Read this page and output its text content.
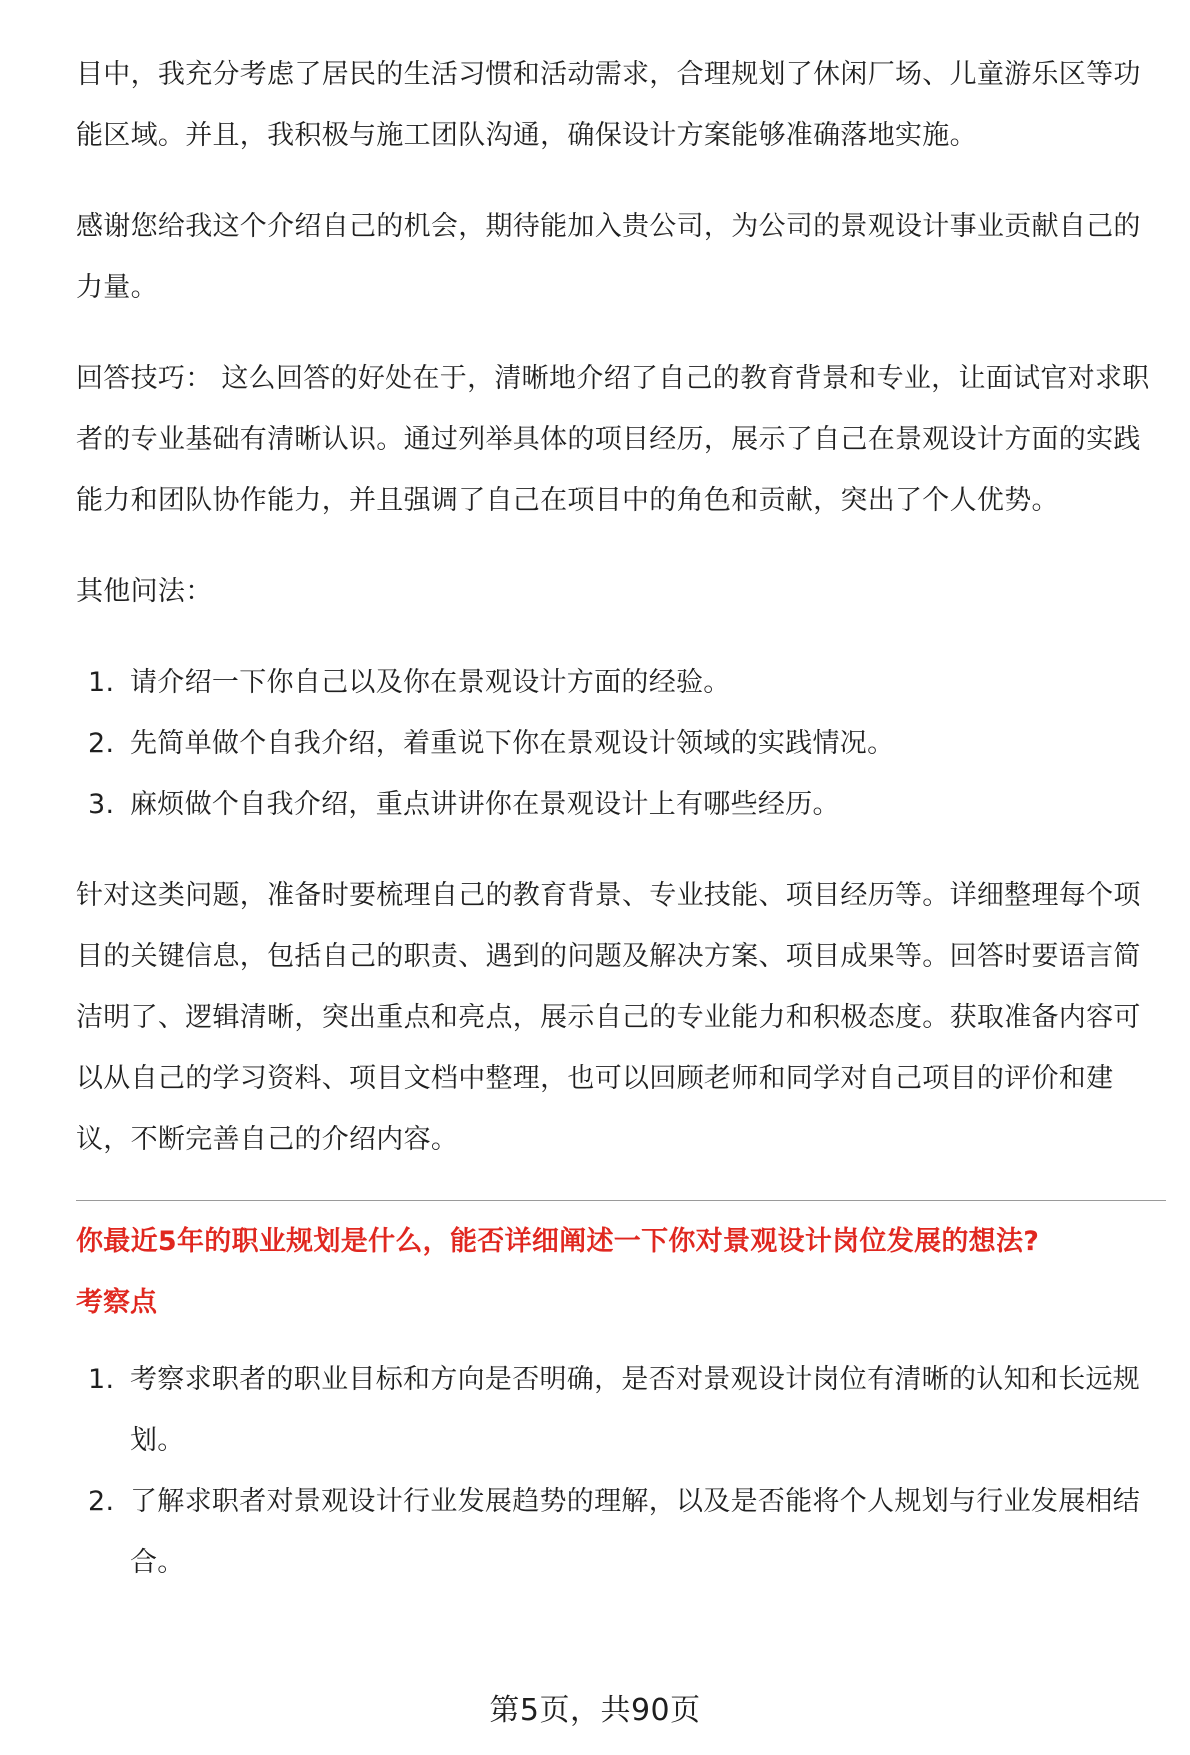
目中，我充分考虑了居民的生活习惯和活动需求，合理规划了休闲厂场、儿童游乐区等功能区域。并且，我积极与施工团队沟通，确保设计方案能够准确落地实施。

感谢您给我这个介绍自己的机会，期待能加入贵公司，为公司的景观设计事业贡献自己的力量。

回答技巧： 这么回答的好处在于，清晰地介绍了自己的教育背景和专业，让面试官对求职者的专业基础有清晰认识。通过列举具体的项目经历，展示了自己在景观设计方面的实践能力和团队协作能力，并且强调了自己在项目中的角色和贡献，突出了个人优势。

其他问法：

1. 请介绍一下你自己以及你在景观设计方面的经验。
2. 先简单做个自我介绍，着重说下你在景观设计领域的实践情况。
3. 麻烦做个自我介绍，重点讲讲你在景观设计上有哪些经历。

针对这类问题，准备时要梳理自己的教育背景、专业技能、项目经历等。详细整理每个项目的关键信息，包括自己的职责、遇到的问题及解决方案、项目成果等。回答时要语言简洁明了、逻辑清晰，突出重点和亮点，展示自己的专业能力和积极态度。获取准备内容可以从自己的学习资料、项目文档中整理，也可以回顾老师和同学对自己项目的评价和建议，不断完善自己的介绍内容。

你最近5年的职业规划是什么，能否详细阐述一下你对景观设计岗位发展的想法?

考察点

1. 考察求职者的职业目标和方向是否明确，是否对景观设计岗位有清晰的认知和长远规划。
2. 了解求职者对景观设计行业发展趋势的理解，以及是否能将个人规划与行业发展相结合。
第5页，共90页
